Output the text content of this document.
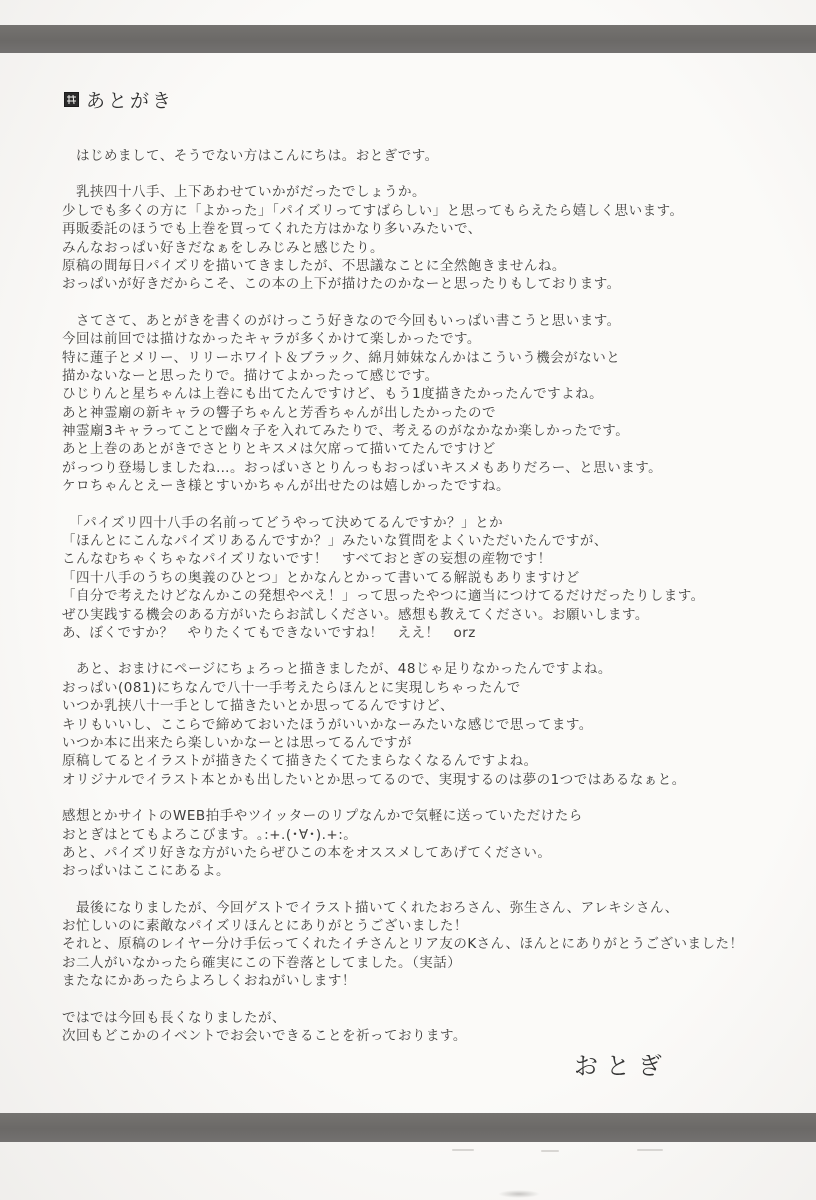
あとがき
　はじめまして、そうでない方はこんにちは。おとぎです。
　乳挟四十八手、上下あわせていかがだったでしょうか。
少しでも多くの方に「よかった」「パイズリってすばらしい」と思ってもらえたら嬉しく思います。
再販委託のほうでも上巻を買ってくれた方はかなり多いみたいで、
みんなおっぱい好きだなぁをしみじみと感じたり。
原稿の間毎日パイズリを描いてきましたが、不思議なことに全然飽きませんね。
おっぱいが好きだからこそ、この本の上下が描けたのかなーと思ったりもしております。
　さてさて、あとがきを書くのがけっこう好きなので今回もいっぱい書こうと思います。
今回は前回では描けなかったキャラが多くかけて楽しかったです。
特に蓮子とメリー、リリーホワイト＆ブラック、綿月姉妹なんかはこういう機会がないと
描かないなーと思ったりで。描けてよかったって感じです。
ひじりんと星ちゃんは上巻にも出てたんですけど、もう1度描きたかったんですよね。
あと神霊廟の新キャラの響子ちゃんと芳香ちゃんが出したかったので
神霊廟3キャラってことで幽々子を入れてみたりで、考えるのがなかなか楽しかったです。
あと上巻のあとがきでさとりとキスメは欠席って描いてたんですけど
がっつり登場しましたね…。おっぱいさとりんっもおっぱいキスメもありだろー、と思います。
ケロちゃんとえーき様とすいかちゃんが出せたのは嬉しかったですね。
　「パイズリ四十八手の名前ってどうやって決めてるんですか？」とか
「ほんとにこんなパイズリあるんですか？」みたいな質問をよくいただいたんですが、
こんなむちゃくちゃなパイズリないです！　すべておとぎの妄想の産物です！
「四十八手のうちの奥義のひとつ」とかなんとかって書いてる解説もありますけど
「自分で考えたけどなんかこの発想やべえ！」って思ったやつに適当につけてるだけだったりします。
ぜひ実践する機会のある方がいたらお試しください。感想も教えてください。お願いします。
あ、ぼくですか？　やりたくてもできないですね！　ええ！　orz
　あと、おまけにページにちょろっと描きましたが、48じゃ足りなかったんですよね。
おっぱい(081)にちなんで八十一手考えたらほんとに実現しちゃったんで
いつか乳挟八十一手として描きたいとか思ってるんですけど、
キリもいいし、ここらで締めておいたほうがいいかなーみたいな感じで思ってます。
いつか本に出来たら楽しいかなーとは思ってるんですが
原稿してるとイラストが描きたくて描きたくてたまらなくなるんですよね。
オリジナルでイラスト本とかも出したいとか思ってるので、実現するのは夢の1つではあるなぁと。
感想とかサイトのWEB拍手やツイッターのリプなんかで気軽に送っていただけたら
おとぎはとてもよろこびます。｡:+.(･∀･).+:｡
あと、パイズリ好きな方がいたらぜひこの本をオススメしてあげてください。
おっぱいはここにあるよ。
　最後になりましたが、今回ゲストでイラスト描いてくれたおろさん、弥生さん、アレキシさん、
お忙しいのに素敵なパイズリほんとにありがとうございました！
それと、原稿のレイヤー分け手伝ってくれたイチさんとリア友のKさん、ほんとにありがとうございました！
お二人がいなかったら確実にこの下巻落としてました。（実話）
またなにかあったらよろしくおねがいします！
ではでは今回も長くなりましたが、
次回もどこかのイベントでお会いできることを祈っております。
おとぎ
